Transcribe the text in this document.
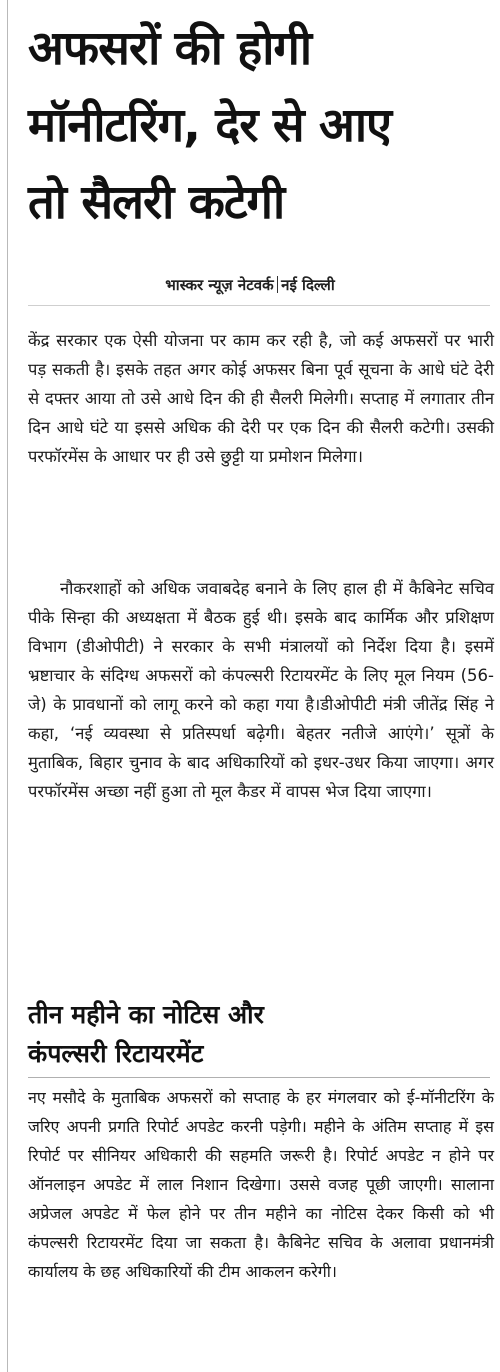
अफसरों की होगी
मॉनीटरिंग, देर से आए
तो सैलरी कटेगी
भास्कर न्यूज़ नेटवर्क नई दिल्ली

केंद्र सरकार एक ऐसी योजना पर काम कर रही है, जो कई अफसरों पर भारी पड़ सकती है। इसके तहत अगर कोई अफसर बिना पूर्व सूचना के आधे घंटे देरी से दफ्तर आया तो उसे आधे दिन की ही सैलरी मिलेगी। सप्ताह में लगातार तीन दिन आधे घंटे या इससे अधिक की देरी पर एक दिन की सैलरी कटेगी। उसकी परफॉरमेंस के आधार पर ही उसे छुट्टी या प्रमोशन मिलेगा।

नौकरशाहों को अधिक जवाबदेह बनाने के लिए हाल ही में कैबिनेट सचिव पीके सिन्हा की अध्यक्षता में बैठक हुई थी। इसके बाद कार्मिक और प्रशिक्षण विभाग (डीओपीटी) ने सरकार के सभी मंत्रालयों को निर्देश दिया है। इसमें भ्रष्टाचार के संदिग्ध अफसरों को कंपल्सरी रिटायरमेंट के लिए मूल नियम (56-जे) के प्रावधानों को लागू करने को कहा गया है।डीओपीटी मंत्री जीतेंद्र सिंह ने कहा, ‘नई व्यवस्था से प्रतिस्पर्धा बढ़ेगी। बेहतर नतीजे आएंगे।’ सूत्रों के मुताबिक, बिहार चुनाव के बाद अधिकारियों को इधर-उधर किया जाएगा। अगर परफॉरमेंस अच्छा नहीं हुआ तो मूल कैडर में वापस भेज दिया जाएगा।

तीन महीने का नोटिस और
कंपल्सरी रिटायरमेंट

नए मसौदे के मुताबिक अफसरों को सप्ताह के हर मंगलवार को ई-मॉनीटरिंग के जरिए अपनी प्रगति रिपोर्ट अपडेट करनी पड़ेगी। महीने के अंतिम सप्ताह में इस रिपोर्ट पर सीनियर अधिकारी की सहमति जरूरी है। रिपोर्ट अपडेट न होने पर ऑनलाइन अपडेट में लाल निशान दिखेगा। उससे वजह पूछी जाएगी। सालाना अप्रेजल अपडेट में फेल होने पर तीन महीने का नोटिस देकर किसी को भी कंपल्सरी रिटायरमेंट दिया जा सकता है। कैबिनेट सचिव के अलावा प्रधानमंत्री कार्यालय के छह अधिकारियों की टीम आकलन करेगी।
